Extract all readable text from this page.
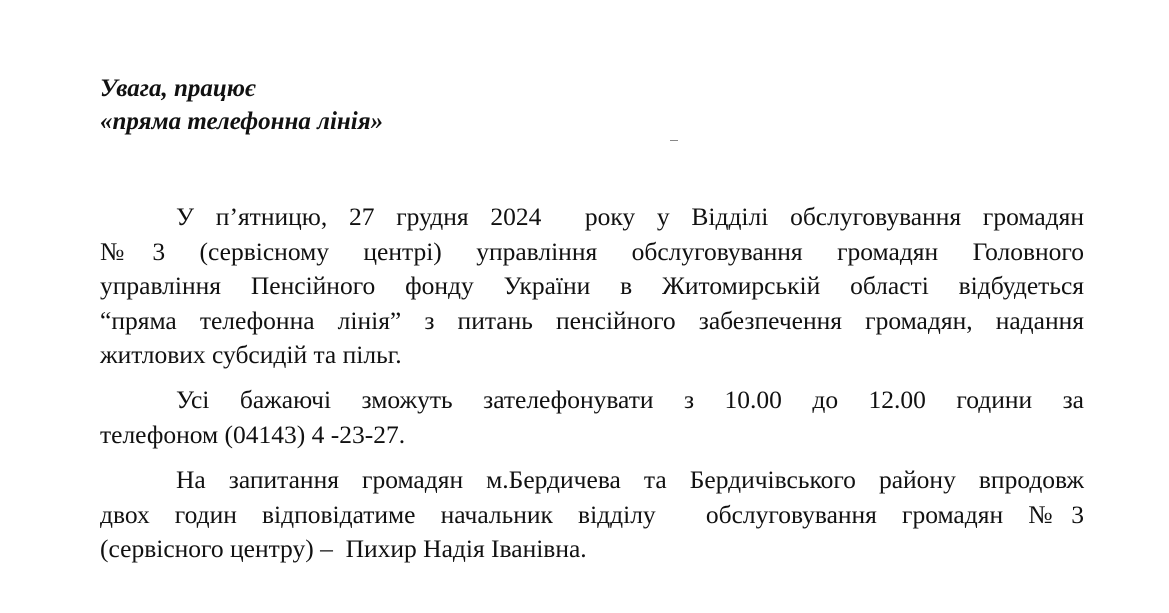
Увага, працює
«пряма телефонна лінія»

У п’ятницю, 27 грудня 2024  року у Відділі обслуговування громадян
№3 (сервісному центрі) управління обслуговування громадян Головного
управління Пенсійного фонду України в Житомирській області відбудеться
“пряма телефонна лінія” з питань пенсійного забезпечення громадян, надання
житлових субсидій та пільг.

Усі бажаючі зможуть зателефонувати з 10.00 до 12.00 години за
телефоном (04143) 4 -23-27.

На запитання громадян м.Бердичева та Бердичівського району впродовж
двох годин відповідатиме начальник відділу  обслуговування громадян №3
(сервісного центру) –  Пихир Надія Іванівна.
